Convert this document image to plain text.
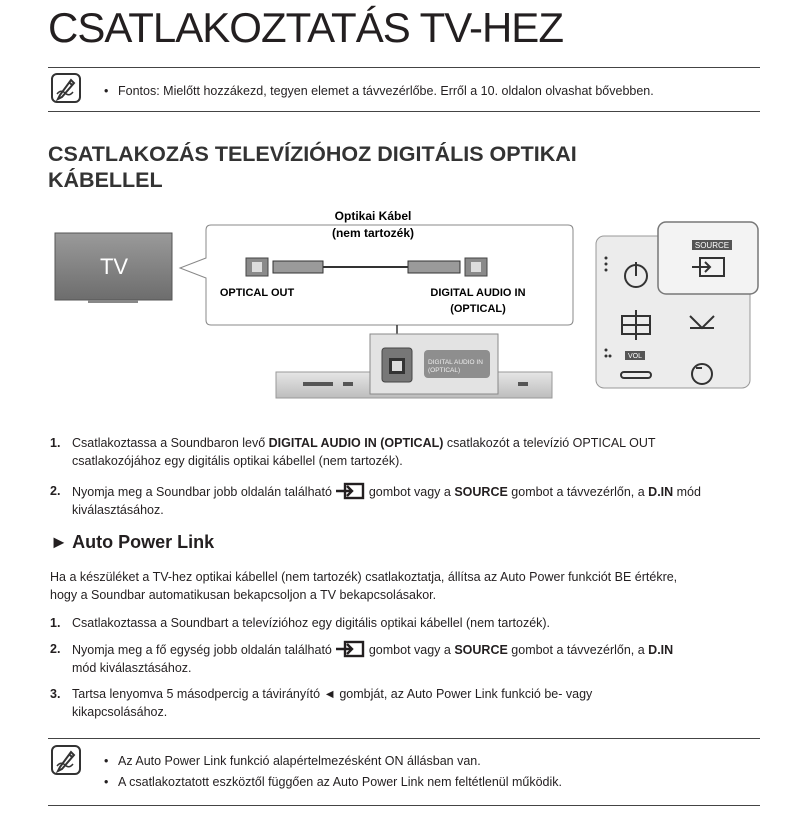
CSATLAKOZTATÁS TV-HEZ
• Fontos: Mielőtt hozzákezd, tegyen elemet a távvezérlőbe. Erről a 10. oldalon olvashat bővebben.
CSATLAKOZÁS TELEVÍZIÓHOZ DIGITÁLIS OPTIKAI
KÁBELLEL
TV
Optikai Kábel
(nem tartozék)
OPTICAL OUT	DIGITAL AUDIO IN
(OPTICAL)
DIGITAL AUDIO IN
(OPTICAL)
SOURCE
VOL
1. Csatlakoztassa a Soundbaron levő DIGITAL AUDIO IN (OPTICAL) csatlakozót a televízió OPTICAL OUT
csatlakozójához egy digitális optikai kábellel (nem tartozék).
2. Nyomja meg a Soundbar jobb oldalán található  gombot vagy a SOURCE gombot a távvezérlőn, a D.IN mód
kiválasztásához.
► Auto Power Link
Ha a készüléket a TV-hez optikai kábellel (nem tartozék) csatlakoztatja, állítsa az Auto Power funkciót BE értékre,
hogy a Soundbar automatikusan bekapcsoljon a TV bekapcsolásakor.
1. Csatlakoztassa a Soundbart a televízióhoz egy digitális optikai kábellel (nem tartozék).
2. Nyomja meg a fő egység jobb oldalán található  gombot vagy a SOURCE gombot a távvezérlőn, a D.IN
mód kiválasztásához.
3. Tartsa lenyomva 5 másodpercig a távirányító ◄ gombját, az Auto Power Link funkció be- vagy
kikapcsolásához.
• Az Auto Power Link funkció alapértelmezésként ON állásban van.
• A csatlakoztatott eszköztől függően az Auto Power Link nem feltétlenül működik.
